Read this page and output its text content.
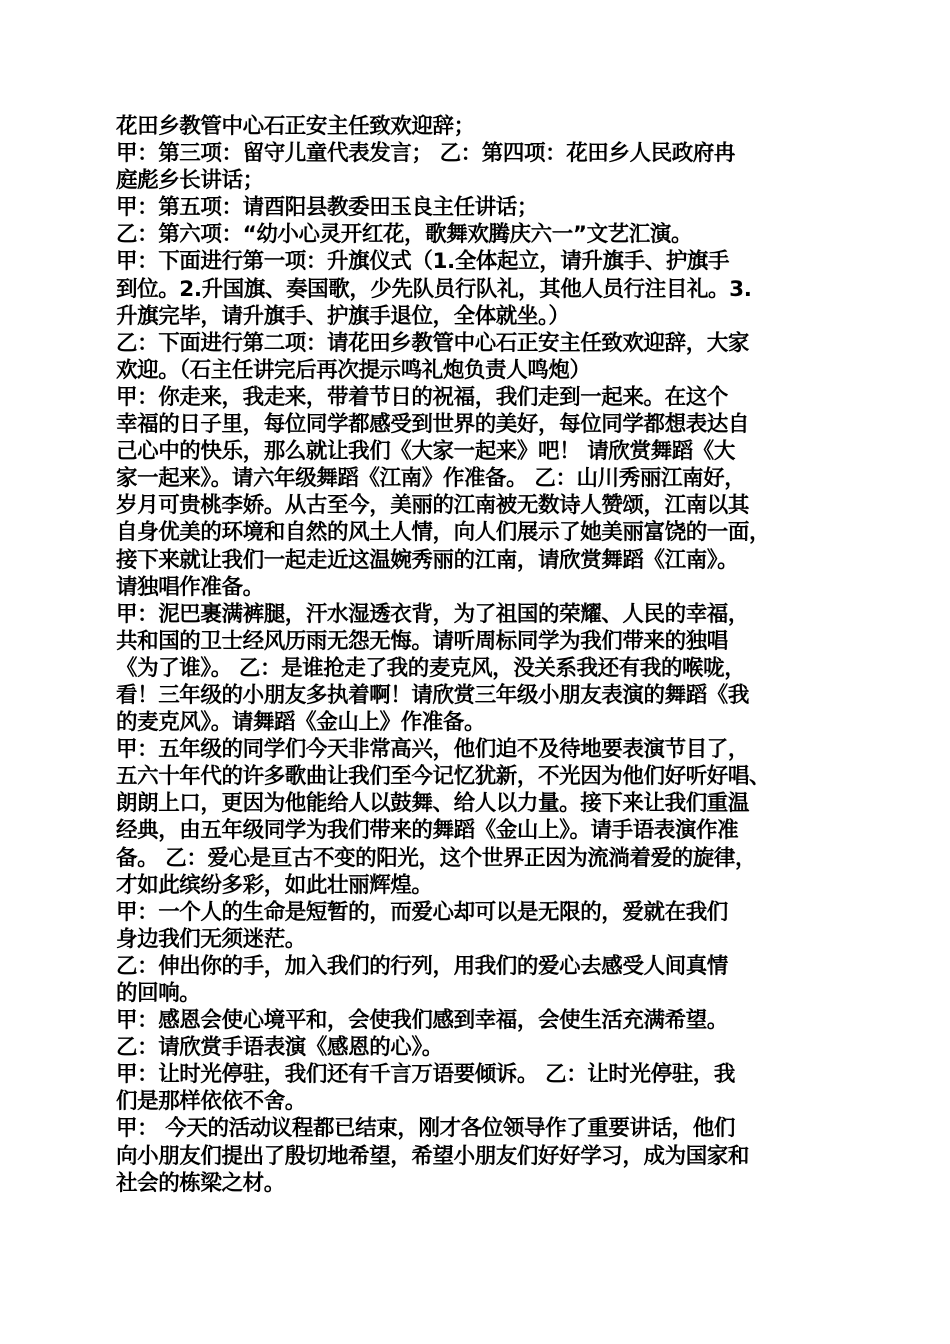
花田乡教管中心石正安主任致欢迎辞；
甲：第三项：留守儿童代表发言； 乙：第四项：花田乡人民政府冉
庭彪乡长讲话；
甲：第五项：请酉阳县教委田玉良主任讲话；
乙：第六项：“幼小心灵开红花，歌舞欢腾庆六一”文艺汇演。
甲：下面进行第一项：升旗仪式（1.全体起立，请升旗手、护旗手
到位。2.升国旗、奏国歌，少先队员行队礼，其他人员行注目礼。3.
升旗完毕，请升旗手、护旗手退位，全体就坐。）
乙：下面进行第二项：请花田乡教管中心石正安主任致欢迎辞，大家
欢迎。（石主任讲完后再次提示鸣礼炮负责人鸣炮）
甲：你走来，我走来，带着节日的祝福，我们走到一起来。在这个
幸福的日子里，每位同学都感受到世界的美好，每位同学都想表达自
己心中的快乐，那么就让我们《大家一起来》吧！ 请欣赏舞蹈《大
家一起来》。请六年级舞蹈《江南》作准备。 乙：山川秀丽江南好，
岁月可贵桃李娇。从古至今，美丽的江南被无数诗人赞颂，江南以其
自身优美的环境和自然的风土人情，向人们展示了她美丽富饶的一面，
接下来就让我们一起走近这温婉秀丽的江南，请欣赏舞蹈《江南》。
请独唱作准备。
甲：泥巴裹满裤腿，汗水湿透衣背，为了祖国的荣耀、人民的幸福，
共和国的卫士经风历雨无怨无悔。请听周标同学为我们带来的独唱
《为了谁》。 乙：是谁抢走了我的麦克风，没关系我还有我的喉咙，
看！三年级的小朋友多执着啊！请欣赏三年级小朋友表演的舞蹈《我
的麦克风》。请舞蹈《金山上》作准备。
甲：五年级的同学们今天非常高兴，他们迫不及待地要表演节目了，
五六十年代的许多歌曲让我们至今记忆犹新，不光因为他们好听好唱、
朗朗上口，更因为他能给人以鼓舞、给人以力量。接下来让我们重温
经典，由五年级同学为我们带来的舞蹈《金山上》。请手语表演作准
备。 乙：爱心是亘古不变的阳光，这个世界正因为流淌着爱的旋律，
才如此缤纷多彩，如此壮丽辉煌。
甲：一个人的生命是短暂的，而爱心却可以是无限的，爱就在我们
身边我们无须迷茫。
乙：伸出你的手，加入我们的行列，用我们的爱心去感受人间真情
的回响。
甲：感恩会使心境平和，会使我们感到幸福，会使生活充满希望。
乙：请欣赏手语表演《感恩的心》。
甲：让时光停驻，我们还有千言万语要倾诉。 乙：让时光停驻，我
们是那样依依不舍。
甲： 今天的活动议程都已结束，刚才各位领导作了重要讲话，他们
向小朋友们提出了殷切地希望，希望小朋友们好好学习，成为国家和
社会的栋梁之材。
